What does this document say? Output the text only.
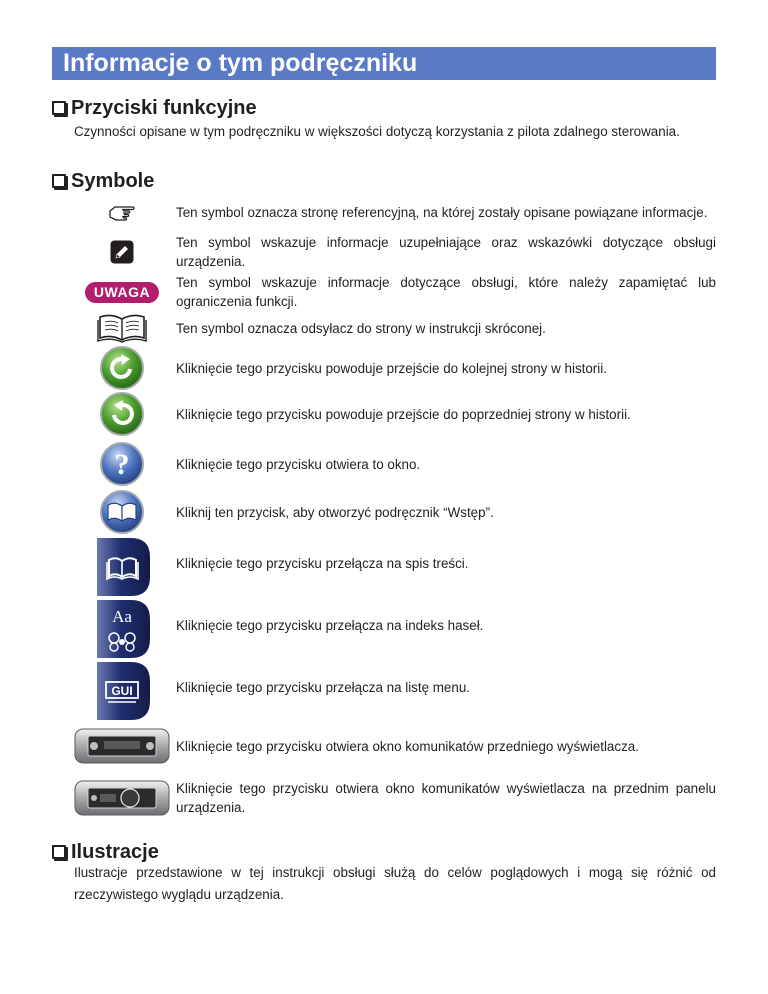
Informacje o tym podręczniku
Przyciski funkcyjne
Czynności opisane w tym podręczniku w większości dotyczą korzystania z pilota zdalnego sterowania.
Symbole
Ten symbol oznacza stronę referencyjną, na której zostały opisane powiązane informacje.
Ten symbol wskazuje informacje uzupełniające oraz wskazówki dotyczące obsługi urządzenia.
UWAGA
Ten symbol wskazuje informacje dotyczące obsługi, które należy zapamiętać lub ograniczenia funkcji.
Ten symbol oznacza odsyłacz do strony w instrukcji skróconej.
Kliknięcie tego przycisku powoduje przejście do kolejnej strony w historii.
Kliknięcie tego przycisku powoduje przejście do poprzedniej strony w historii.
?	Kliknięcie tego przycisku otwiera to okno.
Kliknij ten przycisk, aby otworzyć podręcznik “Wstęp”.
Kliknięcie tego przycisku przełącza na spis treści.
Aa	Kliknięcie tego przycisku przełącza na indeks haseł.
GUI	Kliknięcie tego przycisku przełącza na listę menu.
Kliknięcie tego przycisku otwiera okno komunikatów przedniego wyświetlacza.
Kliknięcie tego przycisku otwiera okno komunikatów wyświetlacza na przednim panelu urządzenia.
Ilustracje
Ilustracje przedstawione w tej instrukcji obsługi służą do celów poglądowych i mogą się różnić od rzeczywistego wyglądu urządzenia.
